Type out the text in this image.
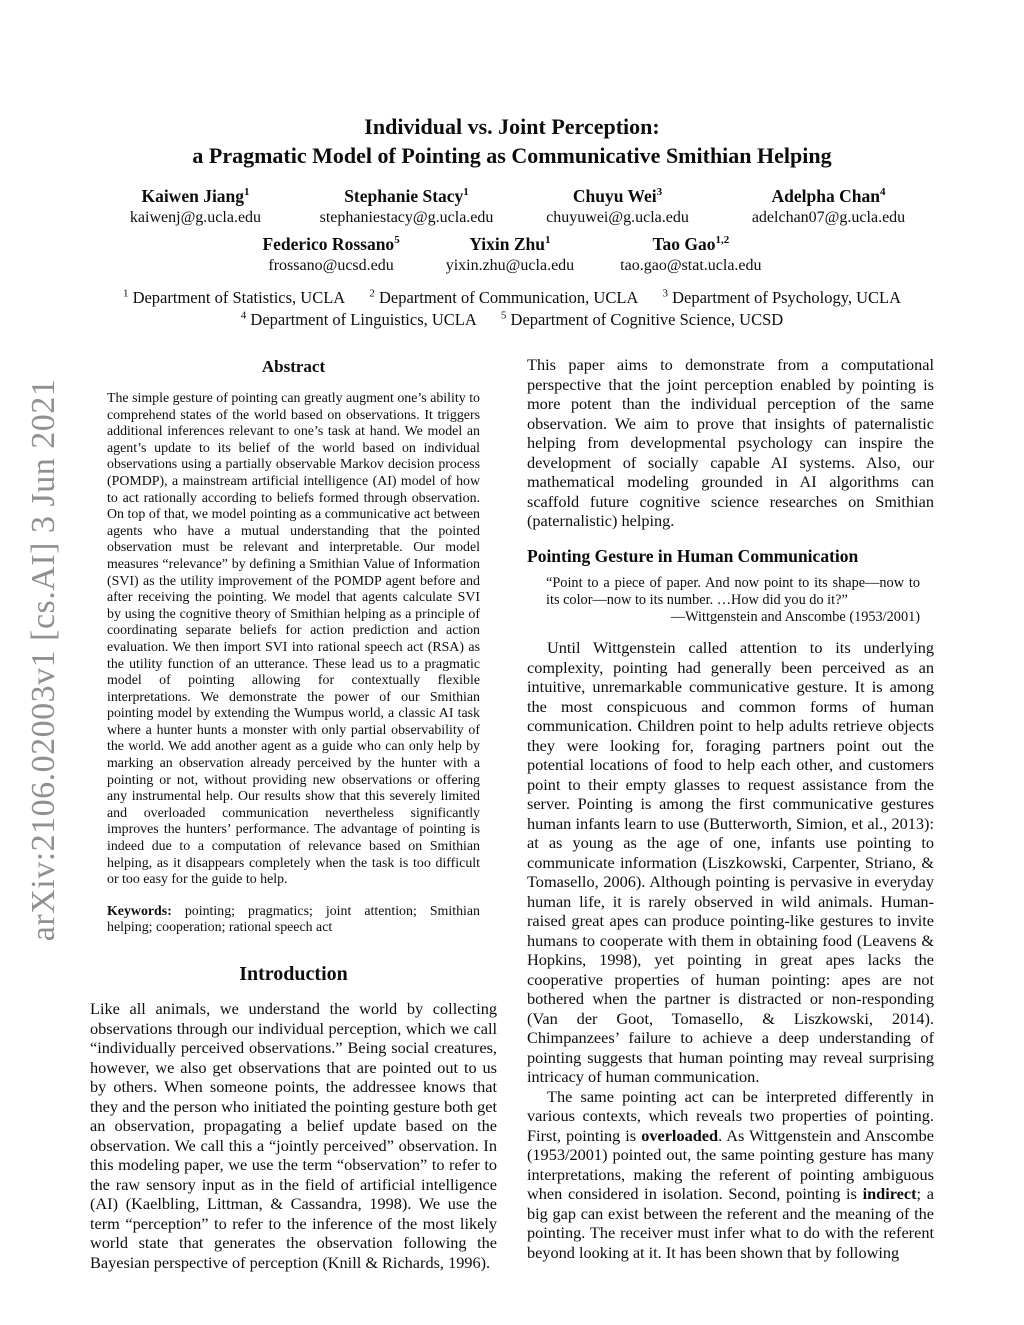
arXiv:2106.02003v1 [cs.AI] 3 Jun 2021
Individual vs. Joint Perception:
a Pragmatic Model of Pointing as Communicative Smithian Helping
Kaiwen Jiang$^1$
kaiwenj@g.ucla.edu
Stephanie Stacy$^1$
stephaniestacy@g.ucla.edu
Chuyu Wei$^3$
chuyuwei@g.ucla.edu
Adelpha Chan$^4$
adelchan07@g.ucla.edu
Federico Rossano$^5$
frossano@ucsd.edu
Yixin Zhu$^1$
yixin.zhu@ucla.edu
Tao Gao$^{1,2}$
tao.gao@stat.ucla.edu
$^1$ Department of Statistics, UCLA $^2$ Department of Communication, UCLA $^3$ Department of Psychology, UCLA
$^4$ Department of Linguistics, UCLA $^5$ Department of Cognitive Science, UCSD
Abstract

The simple gesture of pointing can greatly augment one’s ability to comprehend states of the world based on observations. It triggers additional inferences relevant to one’s task at hand. We model an agent’s update to its belief of the world based on individual observations using a partially observable Markov decision process (POMDP), a mainstream artificial intelligence (AI) model of how to act rationally according to beliefs formed through observation. On top of that, we model pointing as a communicative act between agents who have a mutual understanding that the pointed observation must be relevant and interpretable. Our model measures “relevance” by defining a Smithian Value of Information (SVI) as the utility improvement of the POMDP agent before and after receiving the pointing. We model that agents calculate SVI by using the cognitive theory of Smithian helping as a principle of coordinating separate beliefs for action prediction and action evaluation. We then import SVI into rational speech act (RSA) as the utility function of an utterance. These lead us to a pragmatic model of pointing allowing for contextually flexible interpretations. We demonstrate the power of our Smithian pointing model by extending the Wumpus world, a classic AI task where a hunter hunts a monster with only partial observability of the world. We add another agent as a guide who can only help by marking an observation already perceived by the hunter with a pointing or not, without providing new observations or offering any instrumental help. Our results show that this severely limited and overloaded communication nevertheless significantly improves the hunters’ performance. The advantage of pointing is indeed due to a computation of relevance based on Smithian helping, as it disappears completely when the task is too difficult or too easy for the guide to help.

Keywords: pointing; pragmatics; joint attention; Smithian helping; cooperation; rational speech act

Introduction

Like all animals, we understand the world by collecting observations through our individual perception, which we call “individually perceived observations.” Being social creatures, however, we also get observations that are pointed out to us by others. When someone points, the addressee knows that they and the person who initiated the pointing gesture both get an observation, propagating a belief update based on the observation. We call this a “jointly perceived” observation. In this modeling paper, we use the term “observation” to refer to the raw sensory input as in the field of artificial intelligence (AI) (Kaelbling, Littman, & Cassandra, 1998). We use the term “perception” to refer to the inference of the most likely world state that generates the observation following the Bayesian perspective of perception (Knill & Richards, 1996).

This paper aims to demonstrate from a computational perspective that the joint perception enabled by pointing is more potent than the individual perception of the same observation. We aim to prove that insights of paternalistic helping from developmental psychology can inspire the development of socially capable AI systems. Also, our mathematical modeling grounded in AI algorithms can scaffold future cognitive science researches on Smithian (paternalistic) helping.

Pointing Gesture in Human Communication
“Point to a piece of paper. And now point to its shape—now to its color—now to its number. …How did you do it?”
—Wittgenstein and Anscombe (1953/2001)

Until Wittgenstein called attention to its underlying complexity, pointing had generally been perceived as an intuitive, unremarkable communicative gesture. It is among the most conspicuous and common forms of human communication. Children point to help adults retrieve objects they were looking for, foraging partners point out the potential locations of food to help each other, and customers point to their empty glasses to request assistance from the server. Pointing is among the first communicative gestures human infants learn to use (Butterworth, Simion, et al., 2013): at as young as the age of one, infants use pointing to communicate information (Liszkowski, Carpenter, Striano, & Tomasello, 2006). Although pointing is pervasive in everyday human life, it is rarely observed in wild animals. Human-raised great apes can produce pointing-like gestures to invite humans to cooperate with them in obtaining food (Leavens & Hopkins, 1998), yet pointing in great apes lacks the cooperative properties of human pointing: apes are not bothered when the partner is distracted or non-responding (Van der Goot, Tomasello, & Liszkowski, 2014). Chimpanzees’ failure to achieve a deep understanding of pointing suggests that human pointing may reveal surprising intricacy of human communication.

The same pointing act can be interpreted differently in various contexts, which reveals two properties of pointing. First, pointing is overloaded. As Wittgenstein and Anscombe (1953/2001) pointed out, the same pointing gesture has many interpretations, making the referent of pointing ambiguous when considered in isolation. Second, pointing is indirect; a big gap can exist between the referent and the meaning of the pointing. The receiver must infer what to do with the referent beyond looking at it. It has been shown that by following
